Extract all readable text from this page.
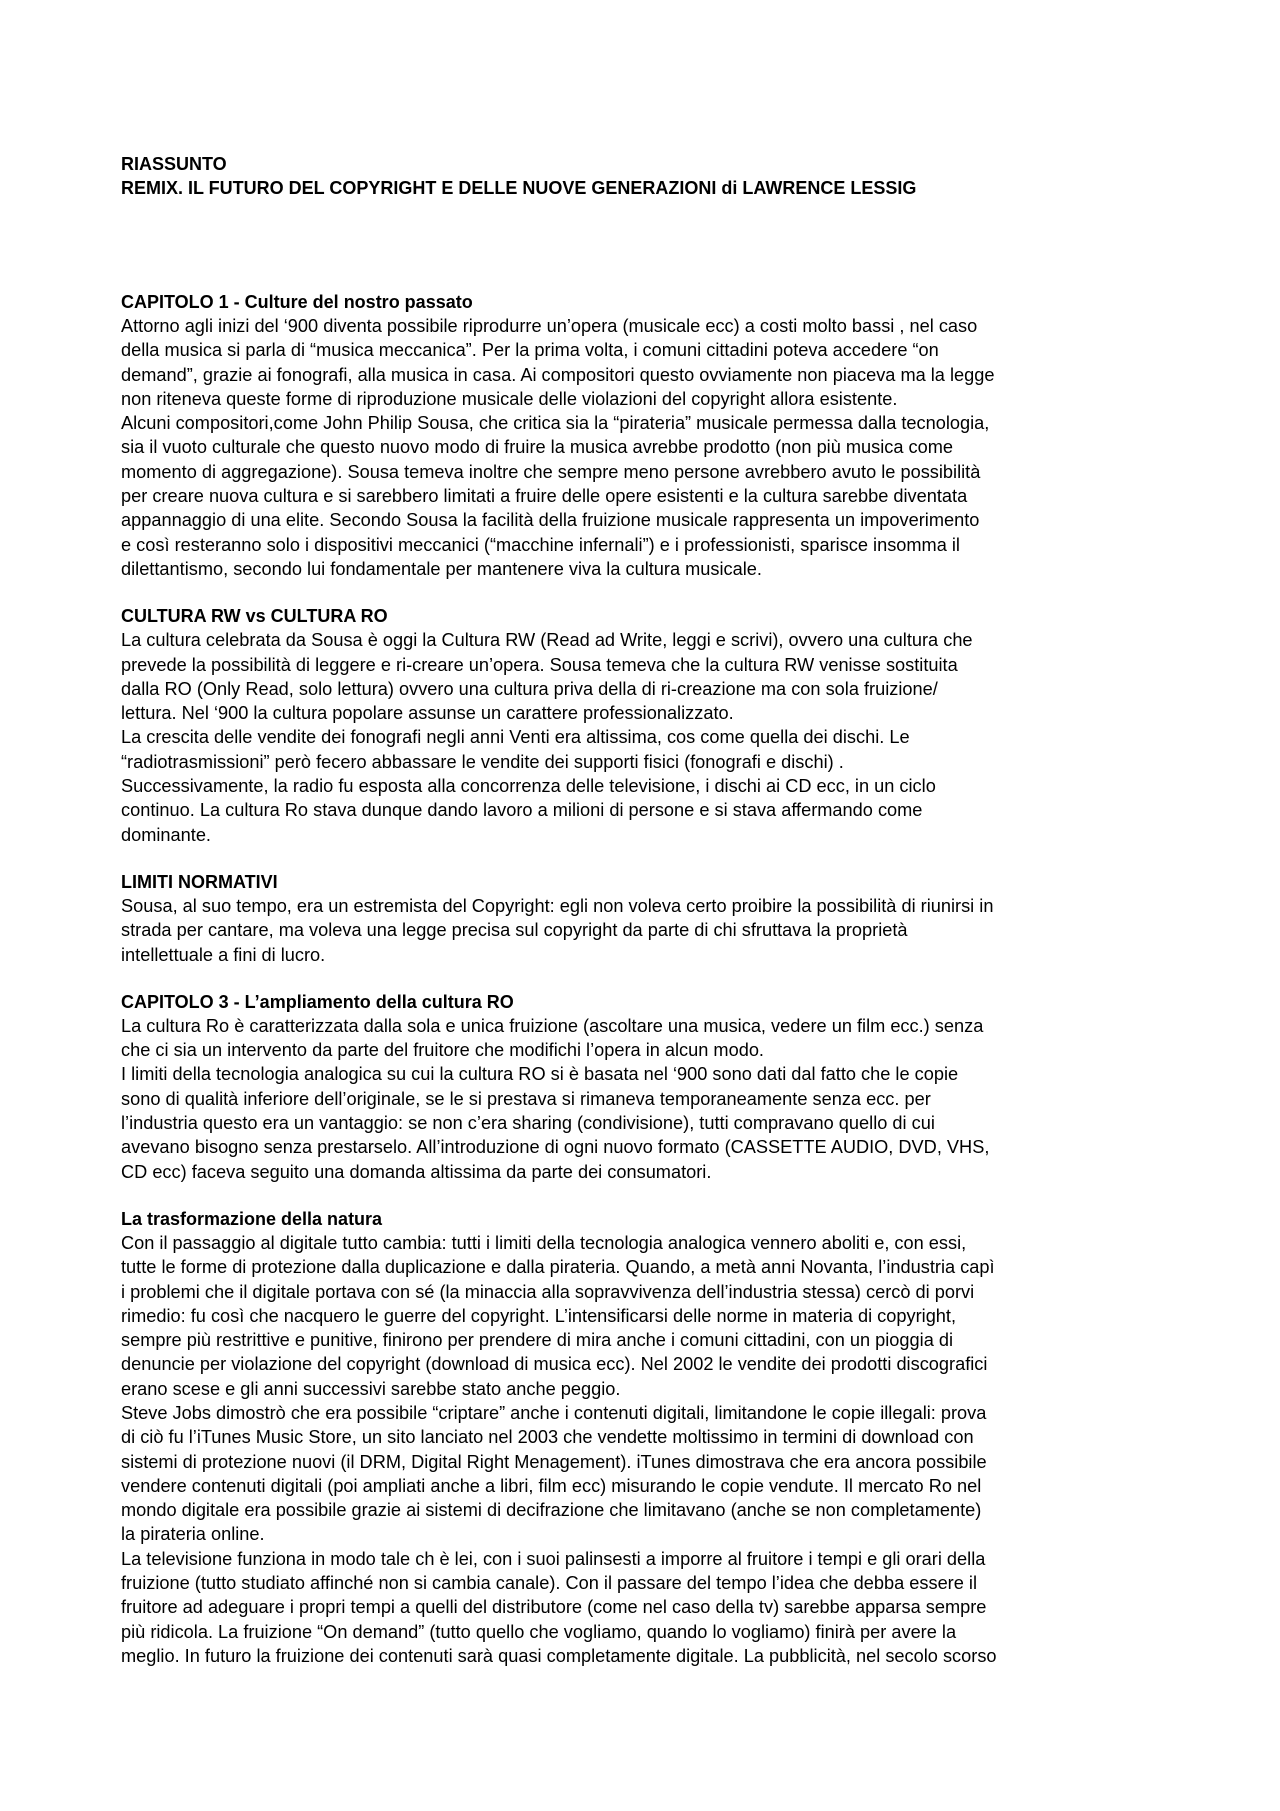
RIASSUNTO

REMIX. IL FUTURO DEL COPYRIGHT E DELLE NUOVE GENERAZIONI di LAWRENCE LESSIG

CAPITOLO 1 - Culture del nostro passato

Attorno agli inizi del ‘900 diventa possibile riprodurre un’opera (musicale ecc) a costi molto bassi , nel caso
della musica si parla di “musica meccanica”. Per la prima volta, i comuni cittadini poteva accedere “on
demand”, grazie ai fonografi, alla musica in casa. Ai compositori questo ovviamente non piaceva ma la legge
non riteneva queste forme di riproduzione musicale delle violazioni del copyright allora esistente.

Alcuni compositori,come John Philip Sousa, che critica sia la “pirateria” musicale permessa dalla tecnologia,
sia il vuoto culturale che questo nuovo modo di fruire la musica avrebbe prodotto (non più musica come
momento di aggregazione). Sousa temeva inoltre che sempre meno persone avrebbero avuto le possibilità
per creare nuova cultura e si sarebbero limitati a fruire delle opere esistenti e la cultura sarebbe diventata
appannaggio di una elite. Secondo Sousa la facilità della fruizione musicale rappresenta un impoverimento
e così resteranno solo i dispositivi meccanici (“macchine infernali”) e i professionisti, sparisce insomma il
dilettantismo, secondo lui fondamentale per mantenere viva la cultura musicale.

CULTURA RW vs CULTURA RO

La cultura celebrata da Sousa è oggi la Cultura RW (Read ad Write, leggi e scrivi), ovvero una cultura che
prevede la possibilità di leggere e ri-creare un’opera. Sousa temeva che la cultura RW venisse sostituita
dalla RO (Only Read, solo lettura) ovvero una cultura priva della di ri-creazione ma con sola fruizione/
lettura. Nel ‘900 la cultura popolare assunse un carattere professionalizzato.

La crescita delle vendite dei fonografi negli anni Venti era altissima, cos come quella dei dischi. Le
“radiotrasmissioni” però fecero abbassare le vendite dei supporti fisici (fonografi e dischi) .
Successivamente, la radio fu esposta alla concorrenza delle televisione, i dischi ai CD ecc, in un ciclo
continuo. La cultura Ro stava dunque dando lavoro a milioni di persone e si stava affermando come
dominante.

LIMITI NORMATIVI

Sousa, al suo tempo, era un estremista del Copyright: egli non voleva certo proibire la possibilità di riunirsi in
strada per cantare, ma voleva una legge precisa sul copyright da parte di chi sfruttava la proprietà
intellettuale a fini di lucro.

CAPITOLO 3 - L’ampliamento della cultura RO

La cultura Ro è caratterizzata dalla sola e unica fruizione (ascoltare una musica, vedere un film ecc.) senza
che ci sia un intervento da parte del fruitore che modifichi l’opera in alcun modo.

I limiti della tecnologia analogica su cui la cultura RO si è basata nel ‘900 sono dati dal fatto che le copie
sono di qualità inferiore dell’originale, se le si prestava si rimaneva temporaneamente senza ecc. per
l’industria questo era un vantaggio: se non c’era sharing (condivisione), tutti compravano quello di cui
avevano bisogno senza prestarselo. All’introduzione di ogni nuovo formato (CASSETTE AUDIO, DVD, VHS,
CD ecc) faceva seguito una domanda altissima da parte dei consumatori.

La trasformazione della natura

Con il passaggio al digitale tutto cambia: tutti i limiti della tecnologia analogica vennero aboliti e, con essi,
tutte le forme di protezione dalla duplicazione e dalla pirateria. Quando, a metà anni Novanta, l’industria capì
i problemi che il digitale portava con sé (la minaccia alla sopravvivenza dell’industria stessa) cercò di porvi
rimedio: fu così che nacquero le guerre del copyright. L’intensificarsi delle norme in materia di copyright,
sempre più restrittive e punitive, finirono per prendere di mira anche i comuni cittadini, con un pioggia di
denuncie per violazione del copyright (download di musica ecc). Nel 2002 le vendite dei prodotti discografici
erano scese e gli anni successivi sarebbe stato anche peggio.

Steve Jobs dimostrò che era possibile “criptare” anche i contenuti digitali, limitandone le copie illegali: prova
di ciò fu l’iTunes Music Store, un sito lanciato nel 2003 che vendette moltissimo in termini di download con
sistemi di protezione nuovi (il DRM, Digital Right Menagement). iTunes dimostrava che era ancora possibile
vendere contenuti digitali (poi ampliati anche a libri, film ecc) misurando le copie vendute. Il mercato Ro nel
mondo digitale era possibile grazie ai sistemi di decifrazione che limitavano (anche se non completamente)
la pirateria online.

La televisione funziona in modo tale ch è lei, con i suoi palinsesti a imporre al fruitore i tempi e gli orari della
fruizione (tutto studiato affinché non si cambia canale). Con il passare del tempo l’idea che debba essere il
fruitore ad adeguare i propri tempi a quelli del distributore (come nel caso della tv) sarebbe apparsa sempre
più ridicola. La fruizione “On demand” (tutto quello che vogliamo, quando lo vogliamo) finirà per avere la
meglio. In futuro la fruizione dei contenuti sarà quasi completamente digitale. La pubblicità, nel secolo scorso
